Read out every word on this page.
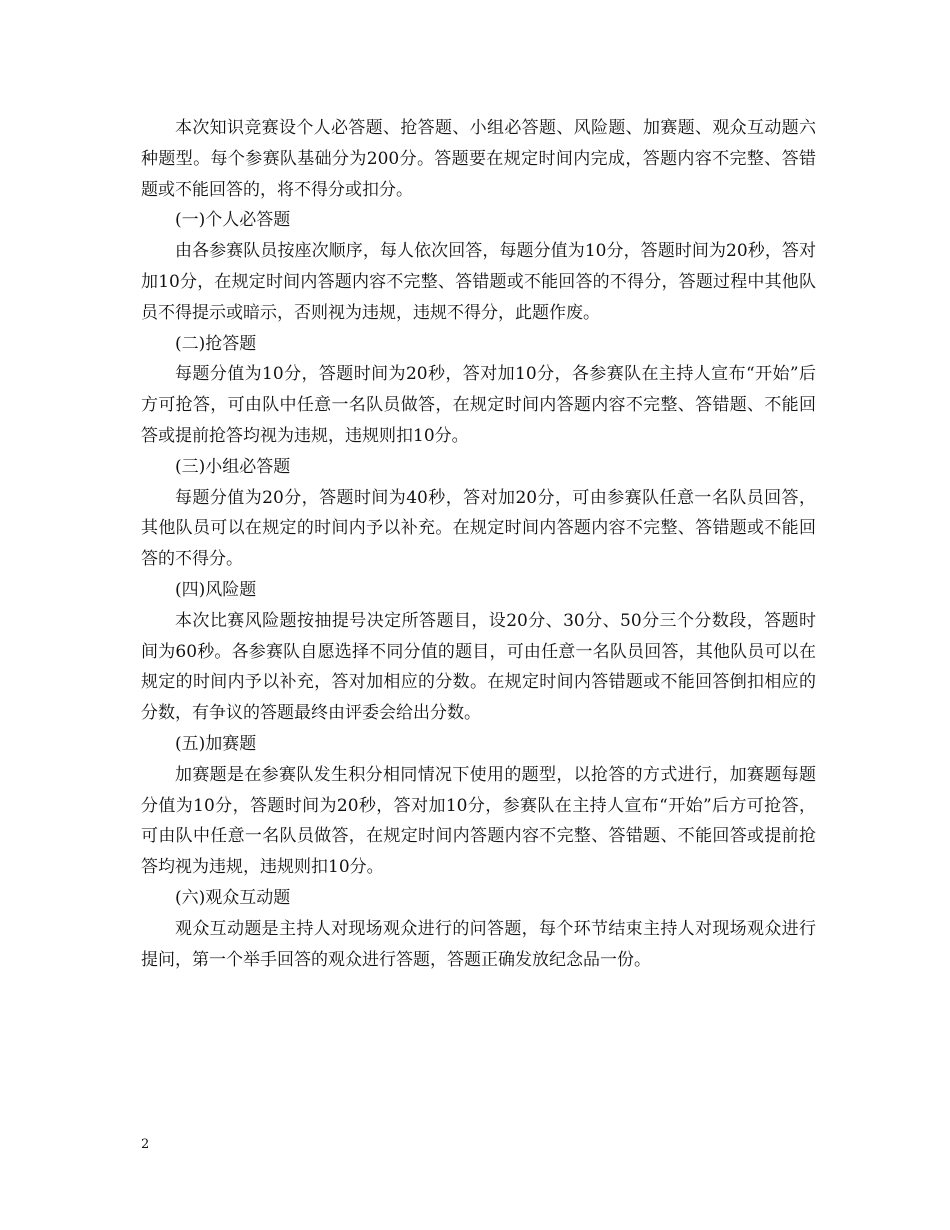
本次知识竞赛设个人必答题、抢答题、小组必答题、风险题、加赛题、观众互动题六种题型。每个参赛队基础分为200分。答题要在规定时间内完成，答题内容不完整、答错题或不能回答的，将不得分或扣分。

(一)个人必答题

由各参赛队员按座次顺序，每人依次回答，每题分值为10分，答题时间为20秒，答对加10分，在规定时间内答题内容不完整、答错题或不能回答的不得分，答题过程中其他队员不得提示或暗示，否则视为违规，违规不得分，此题作废。

(二)抢答题

每题分值为10分，答题时间为20秒，答对加10分，各参赛队在主持人宣布“开始”后方可抢答，可由队中任意一名队员做答，在规定时间内答题内容不完整、答错题、不能回答或提前抢答均视为违规，违规则扣10分。

(三)小组必答题

每题分值为20分，答题时间为40秒，答对加20分，可由参赛队任意一名队员回答，其他队员可以在规定的时间内予以补充。在规定时间内答题内容不完整、答错题或不能回答的不得分。

(四)风险题

本次比赛风险题按抽提号决定所答题目，设20分、30分、50分三个分数段，答题时间为60秒。各参赛队自愿选择不同分值的题目，可由任意一名队员回答，其他队员可以在规定的时间内予以补充，答对加相应的分数。在规定时间内答错题或不能回答倒扣相应的分数，有争议的答题最终由评委会给出分数。

(五)加赛题

加赛题是在参赛队发生积分相同情况下使用的题型，以抢答的方式进行，加赛题每题分值为10分，答题时间为20秒，答对加10分，参赛队在主持人宣布“开始”后方可抢答，可由队中任意一名队员做答，在规定时间内答题内容不完整、答错题、不能回答或提前抢答均视为违规，违规则扣10分。

(六)观众互动题

观众互动题是主持人对现场观众进行的问答题，每个环节结束主持人对现场观众进行提问，第一个举手回答的观众进行答题，答题正确发放纪念品一份。

2
